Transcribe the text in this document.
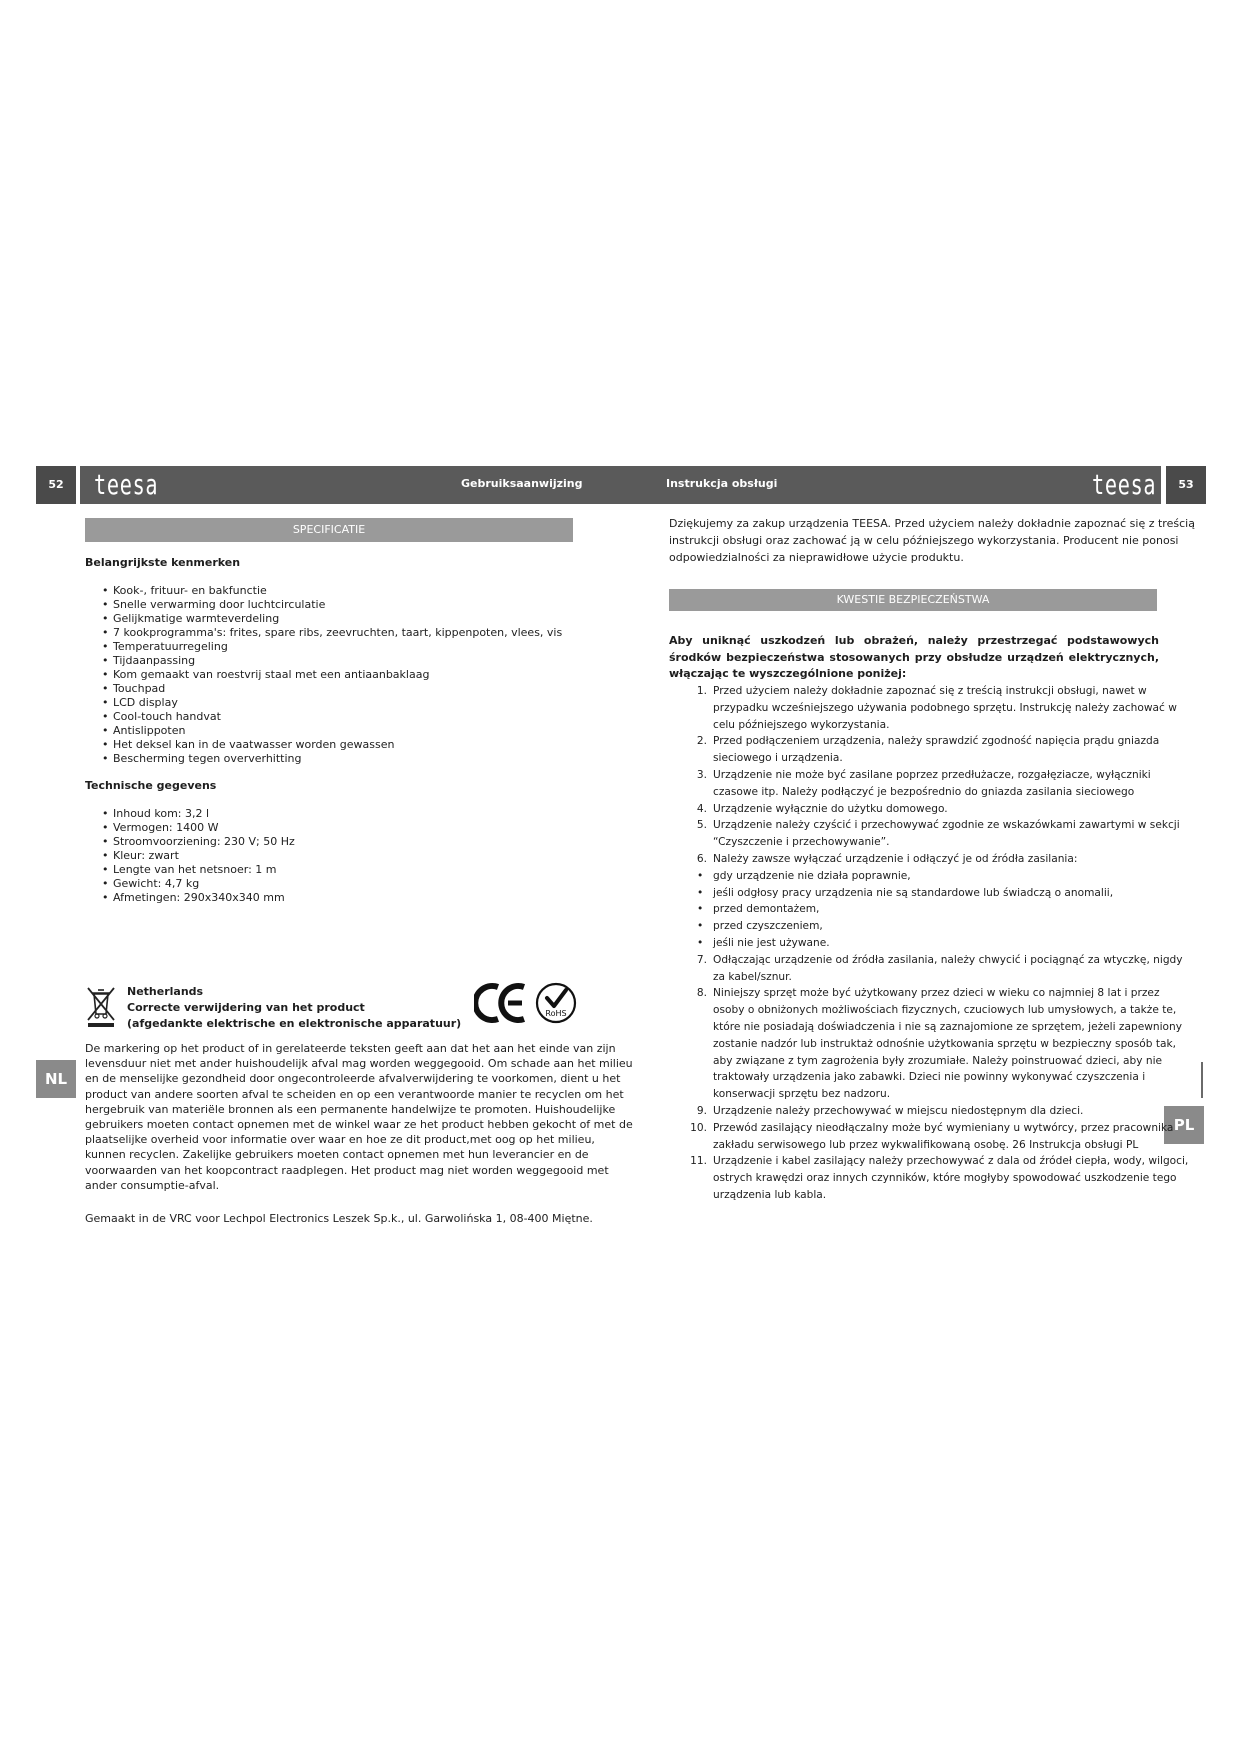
52	53
teesa	teesa
Gebruiksaanwijzing	Instrukcja obsługi
NL
PL
SPECIFICATIE
Belangrijkste kenmerken
• Kook-, frituur- en bakfunctie
• Snelle verwarming door luchtcirculatie
• Gelijkmatige warmteverdeling
• 7 kookprogramma's: frites, spare ribs, zeevruchten, taart, kippenpoten, vlees, vis
• Temperatuurregeling
• Tijdaanpassing
• Kom gemaakt van roestvrij staal met een antiaanbaklaag
• Touchpad
• LCD display
• Cool-touch handvat
• Antislippoten
• Het deksel kan in de vaatwasser worden gewassen
• Bescherming tegen oververhitting
Technische gegevens
• Inhoud kom: 3,2 l
• Vermogen: 1400 W
• Stroomvoorziening: 230 V; 50 Hz
• Kleur: zwart
• Lengte van het netsnoer: 1 m
• Gewicht: 4,7 kg
• Afmetingen: 290x340x340 mm
Netherlands
Correcte verwijdering van het product
(afgedankte elektrische en elektronische apparatuur)
RoHS

De markering op het product of in gerelateerde teksten geeft aan dat het aan het einde van zijn levensduur niet met ander huishoudelijk afval mag worden weggegooid. Om schade aan het milieu en de menselijke gezondheid door ongecontroleerde afvalverwijdering te voorkomen, dient u het product van andere soorten afval te scheiden en op een verantwoorde manier te recyclen om het hergebruik van materiële bronnen als een permanente handelwijze te promoten. Huishoudelijke gebruikers moeten contact opnemen met de winkel waar ze het product hebben gekocht of met de plaatselijke overheid voor informatie over waar en hoe ze dit product,met oog op het milieu, kunnen recyclen. Zakelijke gebruikers moeten contact opnemen met hun leverancier en de voorwaarden van het koopcontract raadplegen. Het product mag niet worden weggegooid met ander consumptie-afval.

Gemaakt in de VRC voor Lechpol Electronics Leszek Sp.k., ul. Garwolińska 1, 08-400 Miętne.

Dziękujemy za zakup urządzenia TEESA. Przed użyciem należy dokładnie zapoznać się z treścią instrukcji obsługi oraz zachować ją w celu późniejszego wykorzystania. Producent nie ponosi odpowiedzialności za nieprawidłowe użycie produktu.

KWESTIE BEZPIECZEŃSTWA

Aby uniknąć uszkodzeń lub obrażeń, należy przestrzegać podstawowych środków bezpieczeństwa stosowanych przy obsłudze urządzeń elektrycznych, włączając te wyszczególnione poniżej:

1. Przed użyciem należy dokładnie zapoznać się z treścią instrukcji obsługi, nawet w przypadku wcześniejszego używania podobnego sprzętu. Instrukcję należy zachować w celu późniejszego wykorzystania.
2. Przed podłączeniem urządzenia, należy sprawdzić zgodność napięcia prądu gniazda sieciowego i urządzenia.
3. Urządzenie nie może być zasilane poprzez przedłużacze, rozgałęziacze, wyłączniki czasowe itp. Należy podłączyć je bezpośrednio do gniazda zasilania sieciowego
4. Urządzenie wyłącznie do użytku domowego.
5. Urządzenie należy czyścić i przechowywać zgodnie ze wskazówkami zawartymi w sekcji “Czyszczenie i przechowywanie”.
6. Należy zawsze wyłączać urządzenie i odłączyć je od źródła zasilania:
• gdy urządzenie nie działa poprawnie,
• jeśli odgłosy pracy urządzenia nie są standardowe lub świadczą o anomalii,
• przed demontażem,
• przed czyszczeniem,
• jeśli nie jest używane.
7. Odłączając urządzenie od źródła zasilania, należy chwycić i pociągnąć za wtyczkę, nigdy za kabel/sznur.
8. Niniejszy sprzęt może być użytkowany przez dzieci w wieku co najmniej 8 lat i przez osoby o obniżonych możliwościach fizycznych, czuciowych lub umysłowych, a także te, które nie posiadają doświadczenia i nie są zaznajomione ze sprzętem, jeżeli zapewniony zostanie nadzór lub instruktaż odnośnie użytkowania sprzętu w bezpieczny sposób tak, aby związane z tym zagrożenia były zrozumiałe. Należy poinstruować dzieci, aby nie traktowały urządzenia jako zabawki. Dzieci nie powinny wykonywać czyszczenia i konserwacji sprzętu bez nadzoru.
9. Urządzenie należy przechowywać w miejscu niedostępnym dla dzieci.
10. Przewód zasilający nieodłączalny może być wymieniany u wytwórcy, przez pracownika zakładu serwisowego lub przez wykwalifikowaną osobę. 26 Instrukcja obsługi PL
11. Urządzenie i kabel zasilający należy przechowywać z dala od źródeł ciepła, wody, wilgoci, ostrych krawędzi oraz innych czynników, które mogłyby spowodować uszkodzenie tego urządzenia lub kabla.
